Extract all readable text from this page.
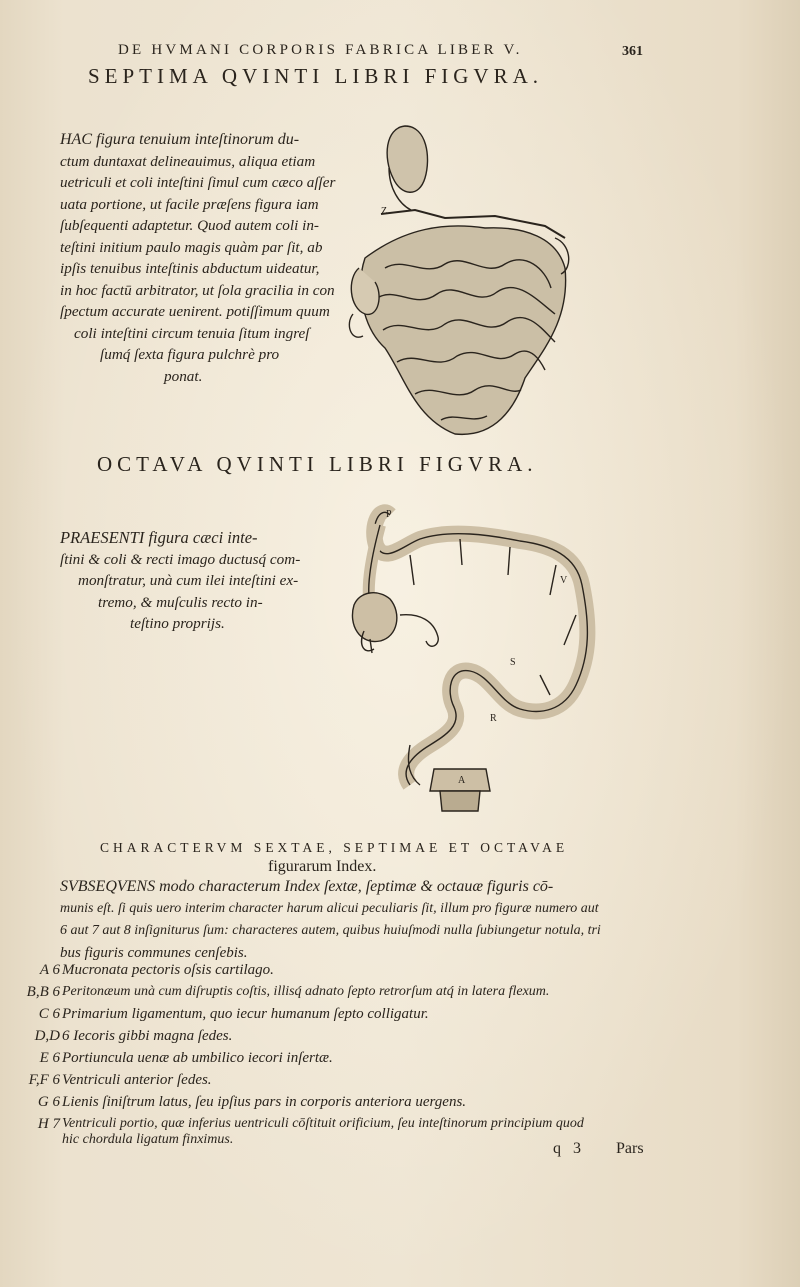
DE HVMANI CORPORIS FABRICA LIBER V.	361
SEPTIMA QVINTI LIBRI FIGVRA.

HAC figura tenuium inteſtinorum du-

ctum duntaxat delineauimus, aliqua etiam

uetriculi et coli inteſtini ſimul cum cæco aſſer

uata portione, ut facile præſens figura iam

ſubſequenti adaptetur. Quod autem coli in-

teſtini initium paulo magis quàm par ſit, ab

ipſis tenuibus inteſtinis abductum uideatur,

in hoc factū arbitrator, ut ſola gracilia in con

ſpectum accurate uenirent. potiſſimum quum

coli inteſtini circum tenuia ſitum ingreſ

ſumq́ ſexta figura pulchrè pro

ponat.

Z
OCTAVA QVINTI LIBRI FIGVRA.

PRAESENTI figura cæci inte-

ſtini & coli & recti imago ductusq́ com-

monſtratur, unà cum ilei inteſtini ex-

tremo, & muſculis recto in-

teſtino proprijs.

P
V
S
R
A
CHARACTERVM SEXTAE, SEPTIMAE ET OCTAVAE
figurarum Index.
SVBSEQVENS modo characterum Index ſextæ, ſeptimæ & octauæ figuris cō-
munis eſt. ſi quis uero interim character harum alicui peculiaris ſit, illum pro figuræ numero aut
6 aut 7 aut 8 inſigniturus ſum: characteres autem, quibus huiuſmodi nulla ſubiungetur notula, tri
bus figuris communes cenſebis.
A 6 Mucronata pectoris oſsis cartilago.
B,B 6 Peritonæum unà cum diſruptis coſtis, illisq́ adnato ſepto retrorſum atq́ in latera flexum.
C 6 Primarium ligamentum, quo iecur humanum ſepto colligatur.
D,D 6 Iecoris gibbi magna ſedes.
E 6 Portiuncula uenæ ab umbilico iecori inſertæ.
F,F 6 Ventriculi anterior ſedes.
G 6 Lienis ſiniſtrum latus, ſeu ipſius pars in corporis anteriora uergens.
H 7 Ventriculi portio, quæ inferius uentriculi cōſtituit orificium, ſeu inteſtinorum principium quod
hic chordula ligatum finximus.
q 3 Pars
